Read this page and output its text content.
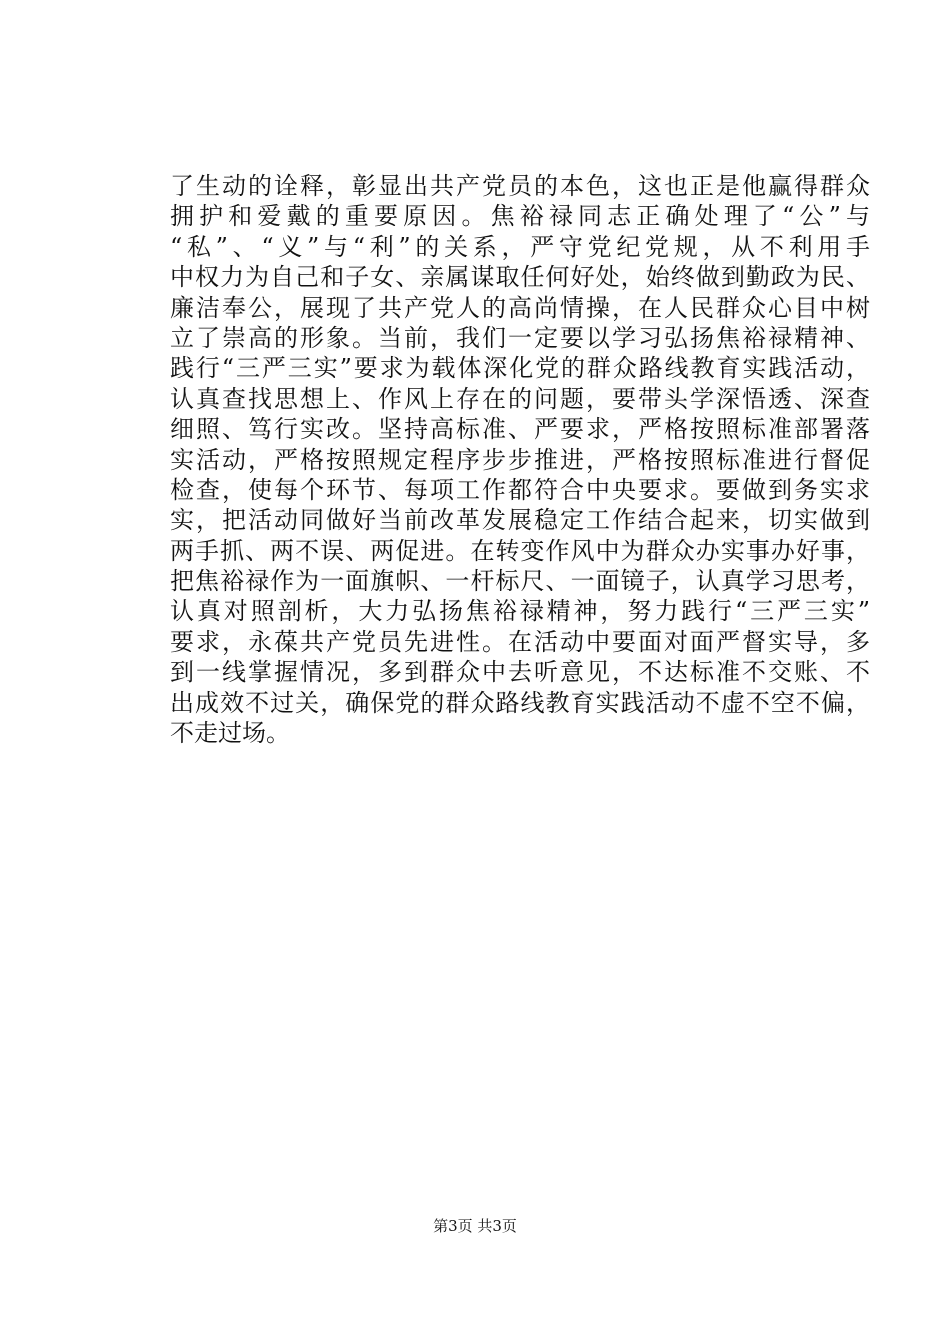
了生动的诠释，彰显出共产党员的本色，这也正是他赢得群众
拥护和爱戴的重要原因。焦裕禄同志正确处理了“公”与
“私”、“义”与“利”的关系，严守党纪党规，从不利用手
中权力为自己和子女、亲属谋取任何好处，始终做到勤政为民、
廉洁奉公，展现了共产党人的高尚情操，在人民群众心目中树
立了崇高的形象。当前，我们一定要以学习弘扬焦裕禄精神、
践行“三严三实”要求为载体深化党的群众路线教育实践活动，
认真查找思想上、作风上存在的问题，要带头学深悟透、深查
细照、笃行实改。坚持高标准、严要求，严格按照标准部署落
实活动，严格按照规定程序步步推进，严格按照标准进行督促
检查，使每个环节、每项工作都符合中央要求。要做到务实求
实，把活动同做好当前改革发展稳定工作结合起来，切实做到
两手抓、两不误、两促进。在转变作风中为群众办实事办好事，
把焦裕禄作为一面旗帜、一杆标尺、一面镜子，认真学习思考，
认真对照剖析，大力弘扬焦裕禄精神，努力践行“三严三实”
要求，永葆共产党员先进性。在活动中要面对面严督实导，多
到一线掌握情况，多到群众中去听意见，不达标准不交账、不
出成效不过关，确保党的群众路线教育实践活动不虚不空不偏，
不走过场。
第3页 共3页
